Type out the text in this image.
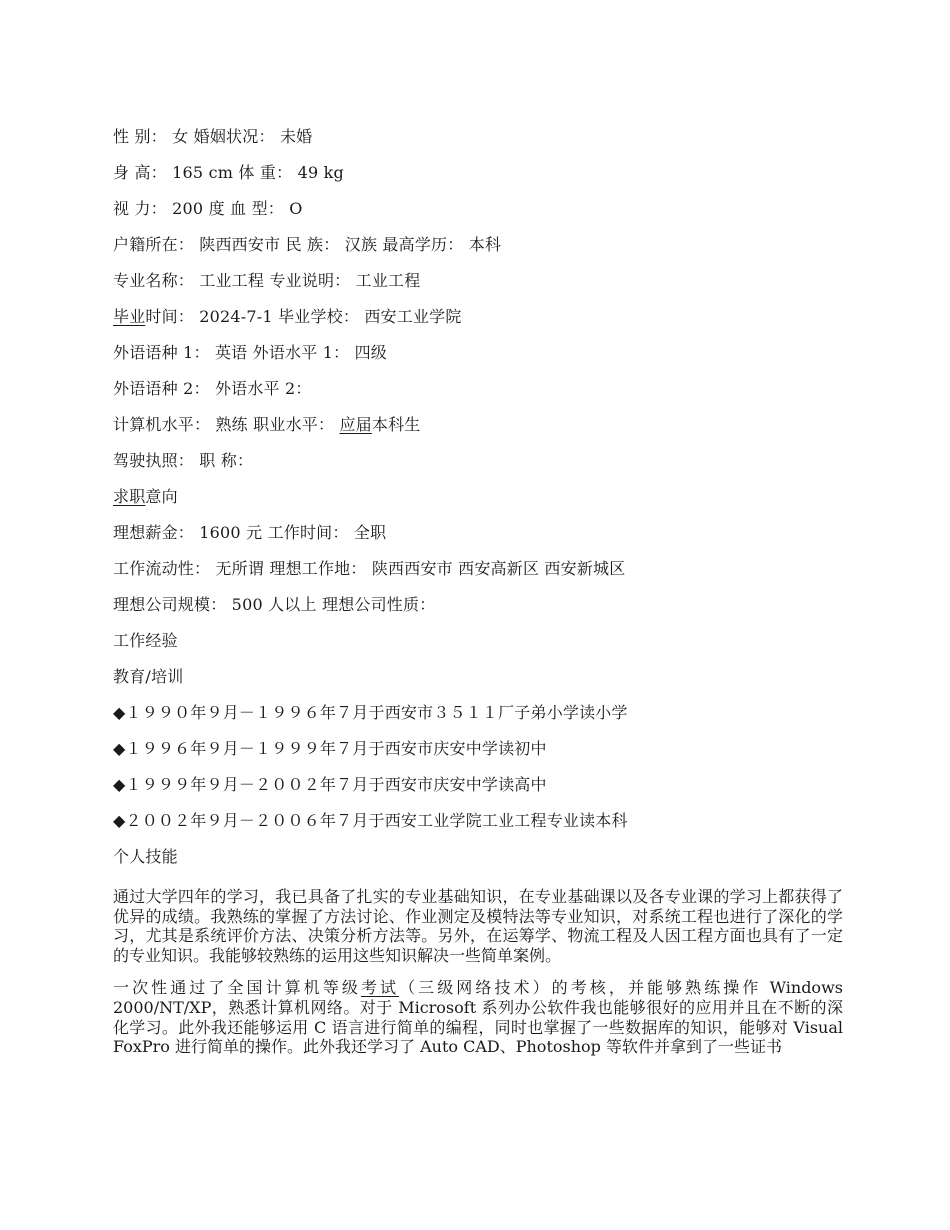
性 别： 女 婚姻状况： 未婚
身 高： 165 cm 体 重： 49 kg
视 力： 200 度 血 型： O
户籍所在： 陕西西安市 民 族： 汉族 最高学历： 本科
专业名称： 工业工程 专业说明： 工业工程
毕业时间： 2024-7-1 毕业学校： 西安工业学院
外语语种 1： 英语 外语水平 1： 四级
外语语种 2： 外语水平 2：
计算机水平： 熟练 职业水平： 应届本科生
驾驶执照： 职 称：
求职意向
理想薪金： 1600 元 工作时间： 全职
工作流动性： 无所谓 理想工作地： 陕西西安市 西安高新区 西安新城区
理想公司规模： 500 人以上 理想公司性质：
工作经验
教育/培训
◆１９９０年９月－１９９６年７月于西安市３５１１厂子弟小学读小学
◆１９９６年９月－１９９９年７月于西安市庆安中学读初中
◆１９９９年９月－２００２年７月于西安市庆安中学读高中
◆２００２年９月－２００６年７月于西安工业学院工业工程专业读本科
个人技能

通过大学四年的学习，我已具备了扎实的专业基础知识，在专业基础课以及各专业课的学习上都获得了优异的成绩。我熟练的掌握了方法讨论、作业测定及模特法等专业知识，对系统工程也进行了深化的学习，尤其是系统评价方法、决策分析方法等。另外，在运筹学、物流工程及人因工程方面也具有了一定的专业知识。我能够较熟练的运用这些知识解决一些简单案例。

一次性通过了全国计算机等级考试（三级网络技术）的考核，并能够熟练操作 Windows 2000/NT/XP，熟悉计算机网络。对于 Microsoft 系列办公软件我也能够很好的应用并且在不断的深化学习。此外我还能够运用 C 语言进行简单的编程，同时也掌握了一些数据库的知识，能够对 Visual FoxPro 进行简单的操作。此外我还学习了 Auto CAD、Photoshop 等软件并拿到了一些证书
